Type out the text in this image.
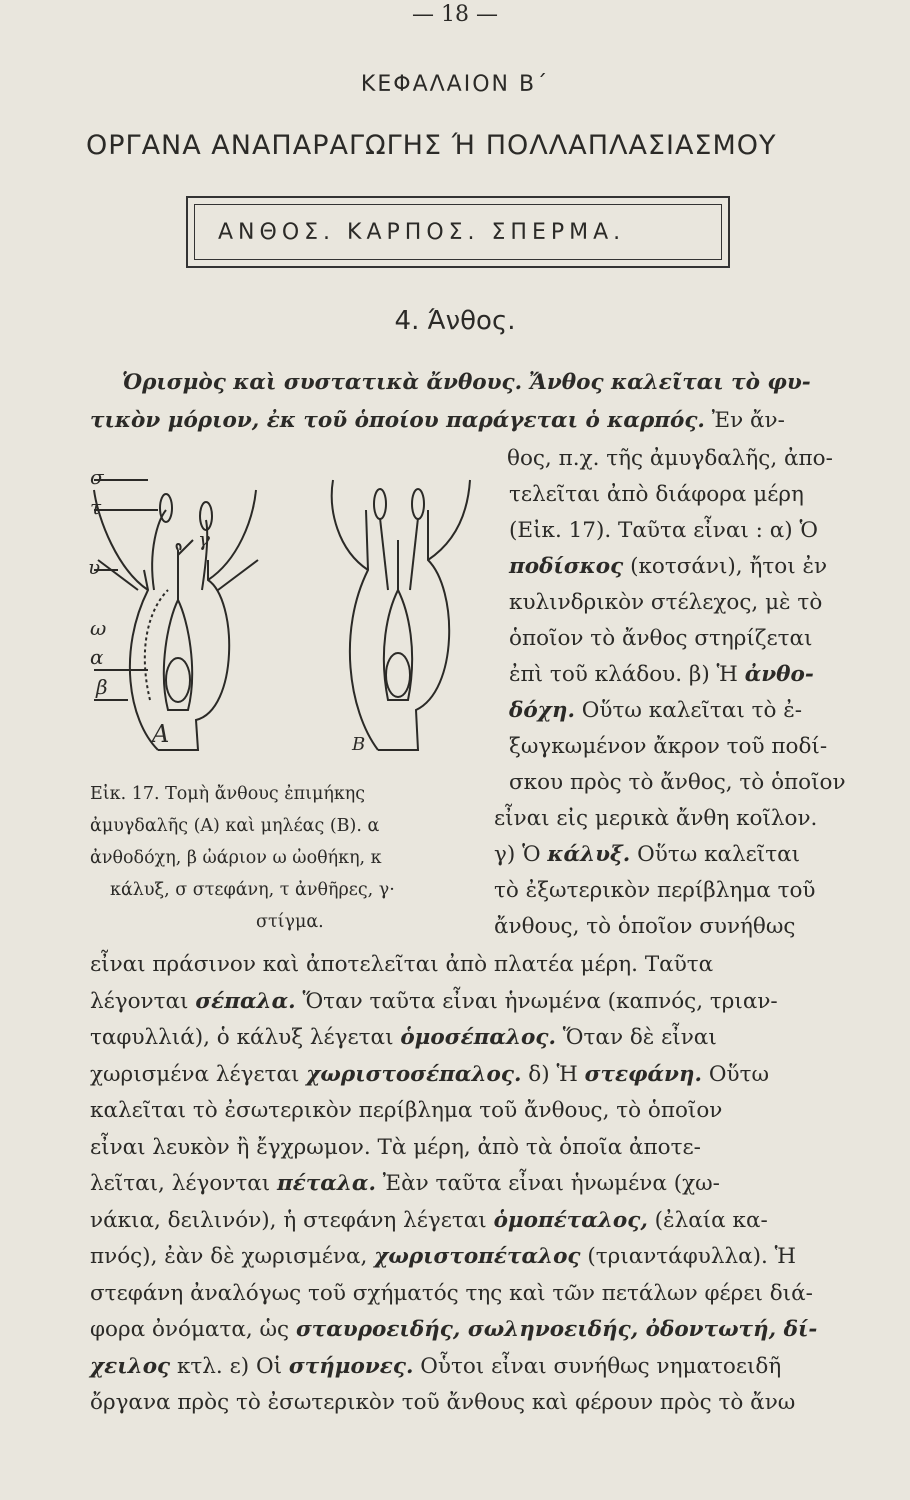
— 18 —
ΚΕΦΑΛΑΙΟΝ Β΄
ΟΡΓΑΝΑ ΑΝΑΠΑΡΑΓΩΓΗΣ Ή ΠΟΛΛΑΠΛΑΣΙΑΣΜΟΥ
ΑΝΘΟΣ. ΚΑΡΠΟΣ. ΣΠΕΡΜΑ.
4. Άνθος.
Ὁρισμὸς καὶ συστατικὰ ἄνθους. Ἄνθος καλεῖται τὸ φυ-
τικὸν μόριον, ἐκ τοῦ ὁποίου παράγεται ὁ καρπός. Ἐν ἄν-
σ
τ
υ
ω
α
β
γ
Α	Β
θος, π.χ. τῆς ἀμυγδαλῆς, ἀπο-
τελεῖται ἀπὸ διάφορα μέρη
(Εἰκ. 17). Ταῦτα εἶναι : α) Ὁ
ποδίσκος (κοτσάνι), ἤτοι ἐν
κυλινδρικὸν στέλεχος, μὲ τὸ
ὁποῖον τὸ ἄνθος στηρίζεται
ἐπὶ τοῦ κλάδου. β) Ἡ ἀνθο-
δόχη. Οὕτω καλεῖται τὸ ἐ-
ξωγκωμένον ἄκρον τοῦ ποδί-
σκου πρὸς τὸ ἄνθος, τὸ ὁποῖον
εἶναι εἰς μερικὰ ἄνθη κοῖλον.
γ) Ὁ κάλυξ. Οὕτω καλεῖται
τὸ ἐξωτερικὸν περίβλημα τοῦ
ἄνθους, τὸ ὁποῖον συνήθως
Εἰκ. 17. Τομὴ ἄνθους ἐπιμήκης
ἀμυγδαλῆς (Α) καὶ μηλέας (Β). α
ἀνθοδόχη, β ὠάριον ω ὠοθήκη, κ
κάλυξ, σ στεφάνη, τ ἀνθῆρες, γ·
στίγμα.
εἶναι πράσινον καὶ ἀποτελεῖται ἀπὸ πλατέα μέρη. Ταῦτα
λέγονται σέπαλα. Ὅταν ταῦτα εἶναι ἡνωμένα (καπνός, τριαν-
ταφυλλιά), ὁ κάλυξ λέγεται ὁμοσέπαλος. Ὅταν δὲ εἶναι
χωρισμένα λέγεται χωριστοσέπαλος. δ) Ἡ στεφάνη. Οὕτω
καλεῖται τὸ ἐσωτερικὸν περίβλημα τοῦ ἄνθους, τὸ ὁποῖον
εἶναι λευκὸν ἢ ἔγχρωμον. Τὰ μέρη, ἀπὸ τὰ ὁποῖα ἀποτε-
λεῖται, λέγονται πέταλα. Ἐὰν ταῦτα εἶναι ἡνωμένα (χω-
νάκια, δειλινόν), ἡ στεφάνη λέγεται ὁμοπέταλος, (ἐλαία κα-
πνός), ἐὰν δὲ χωρισμένα, χωριστοπέταλος (τριαντάφυλλα). Ἡ
στεφάνη ἀναλόγως τοῦ σχήματός της καὶ τῶν πετάλων φέρει διά-
φορα ὀνόματα, ὡς σταυροειδής, σωληνοειδής, ὀδοντωτή, δί-
χειλος κτλ. ε) Οἱ στήμονες. Οὗτοι εἶναι συνήθως νηματοειδῆ
ὄργανα πρὸς τὸ ἐσωτερικὸν τοῦ ἄνθους καὶ φέρουν πρὸς τὸ ἄνω
